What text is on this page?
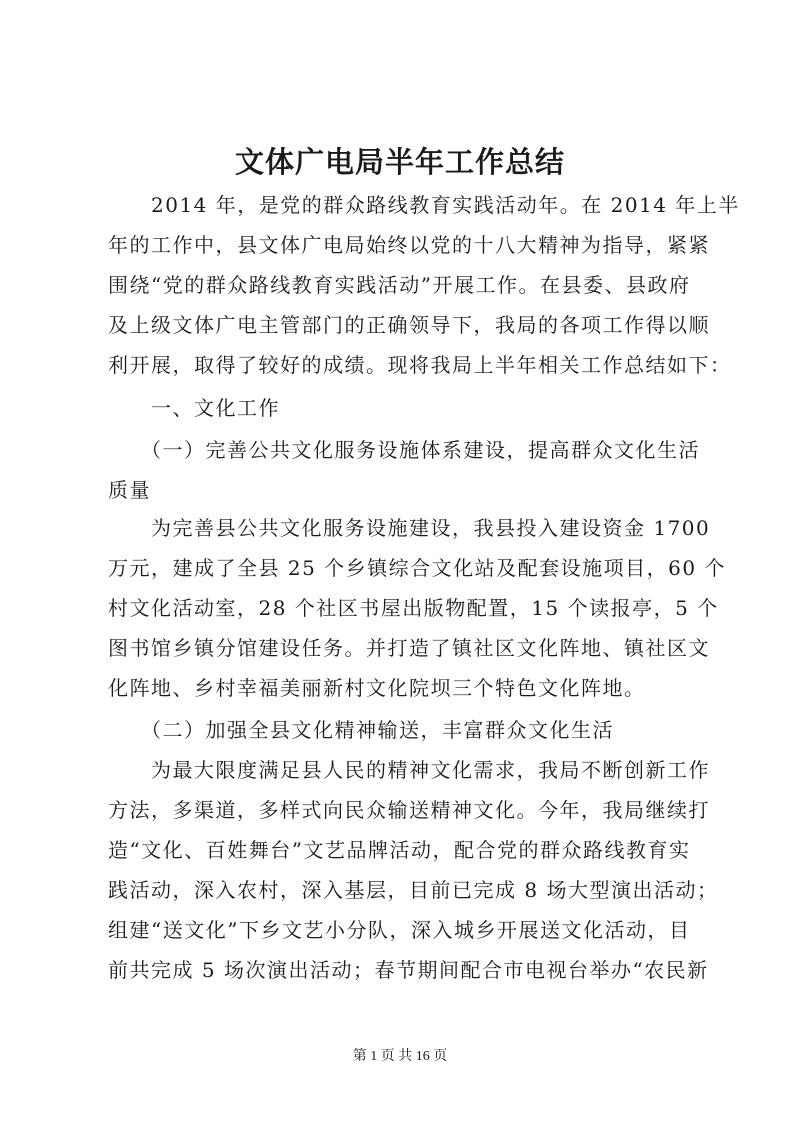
文体广电局半年工作总结
　　2014 年，是党的群众路线教育实践活动年。在 2014 年上半
年的工作中，县文体广电局始终以党的十八大精神为指导，紧紧
围绕“党的群众路线教育实践活动”开展工作。在县委、县政府
及上级文体广电主管部门的正确领导下，我局的各项工作得以顺
利开展，取得了较好的成绩。现将我局上半年相关工作总结如下：
　　一、文化工作
　　（一）完善公共文化服务设施体系建设，提高群众文化生活
质量
　　为完善县公共文化服务设施建设，我县投入建设资金 1700
万元，建成了全县 25 个乡镇综合文化站及配套设施项目，60 个
村文化活动室，28 个社区书屋出版物配置，15 个读报亭，5 个
图书馆乡镇分馆建设任务。并打造了镇社区文化阵地、镇社区文
化阵地、乡村幸福美丽新村文化院坝三个特色文化阵地。
　　（二）加强全县文化精神输送，丰富群众文化生活
　　为最大限度满足县人民的精神文化需求，我局不断创新工作
方法，多渠道，多样式向民众输送精神文化。今年，我局继续打
造“文化、百姓舞台”文艺品牌活动，配合党的群众路线教育实
践活动，深入农村，深入基层，目前已完成 8 场大型演出活动；
组建“送文化”下乡文艺小分队，深入城乡开展送文化活动，目
前共完成 5 场次演出活动；春节期间配合市电视台举办“农民新
第 1 页 共 16 页
